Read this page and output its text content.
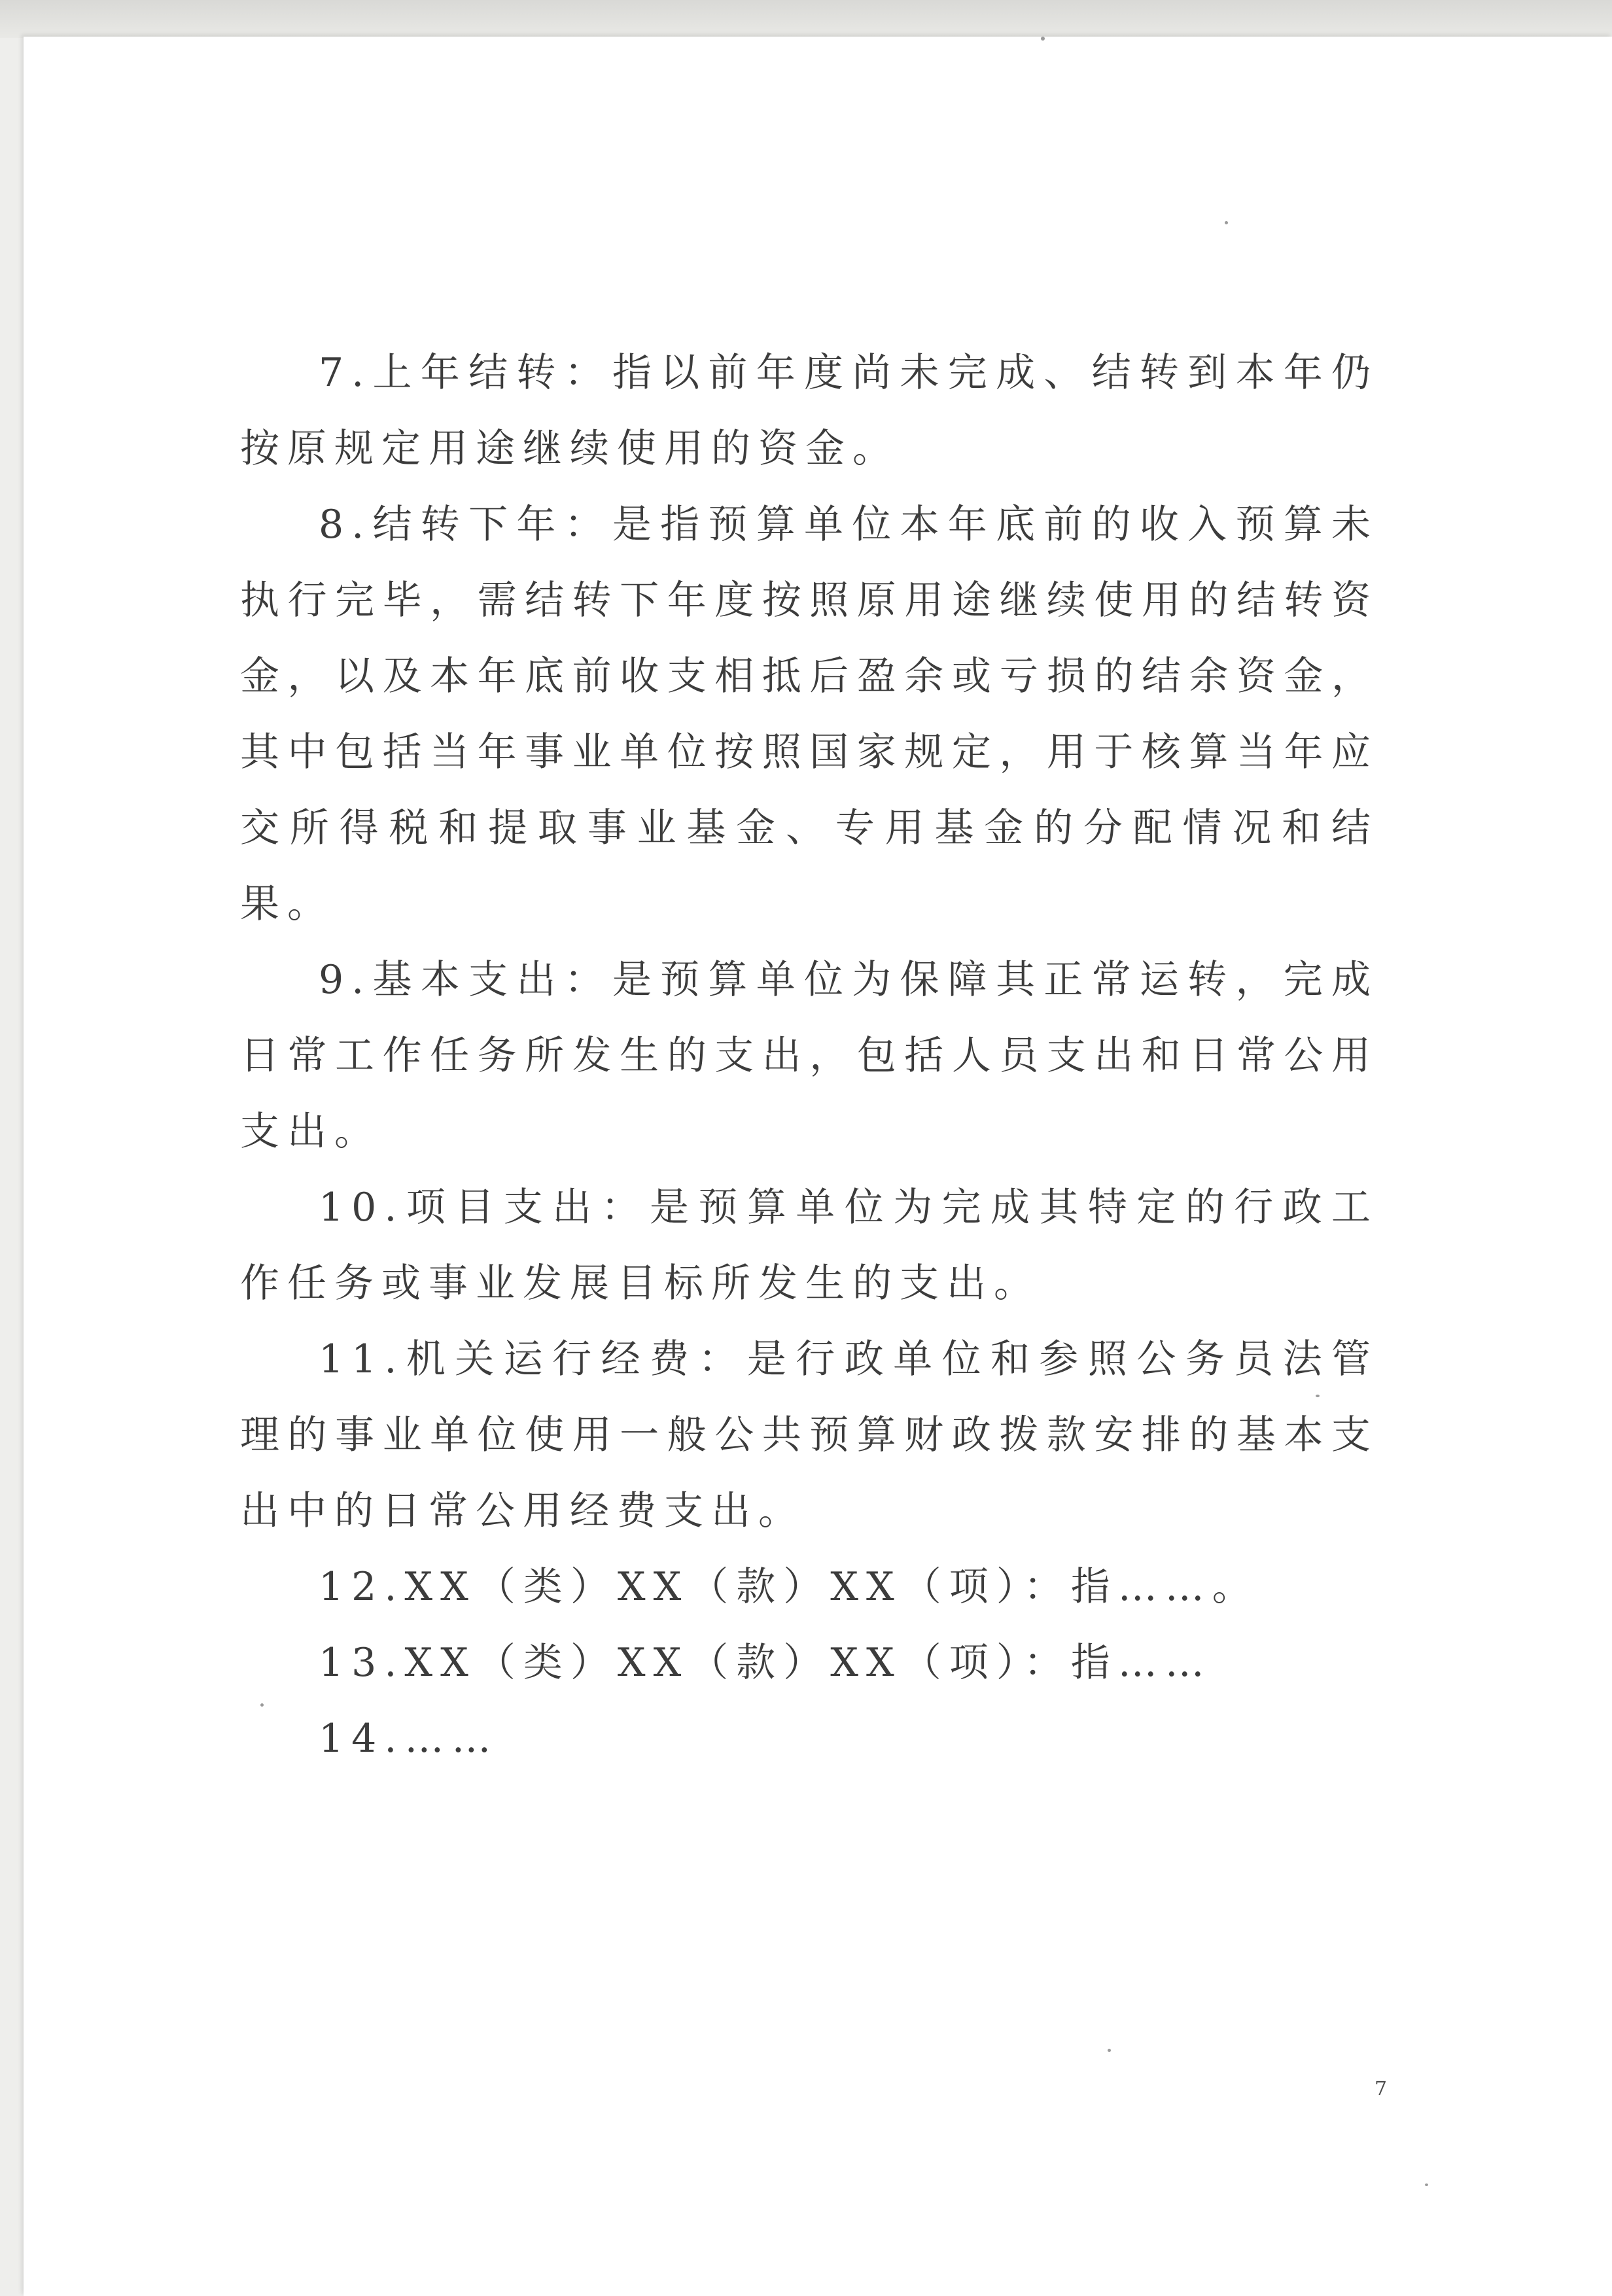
7.上年结转：指以前年度尚未完成、结转到本年仍按原规定用途继续使用的资金。

8.结转下年：是指预算单位本年底前的收入预算未执行完毕，需结转下年度按照原用途继续使用的结转资金，以及本年底前收支相抵后盈余或亏损的结余资金，其中包括当年事业单位按照国家规定，用于核算当年应交所得税和提取事业基金、专用基金的分配情况和结果。

9.基本支出：是预算单位为保障其正常运转，完成日常工作任务所发生的支出，包括人员支出和日常公用支出。

10.项目支出：是预算单位为完成其特定的行政工作任务或事业发展目标所发生的支出。

11.机关运行经费：是行政单位和参照公务员法管理的事业单位使用一般公共预算财政拨款安排的基本支出中的日常公用经费支出。

12.XX（类）XX（款）XX（项）：指……。

13.XX（类）XX（款）XX（项）：指……

14.……

7
